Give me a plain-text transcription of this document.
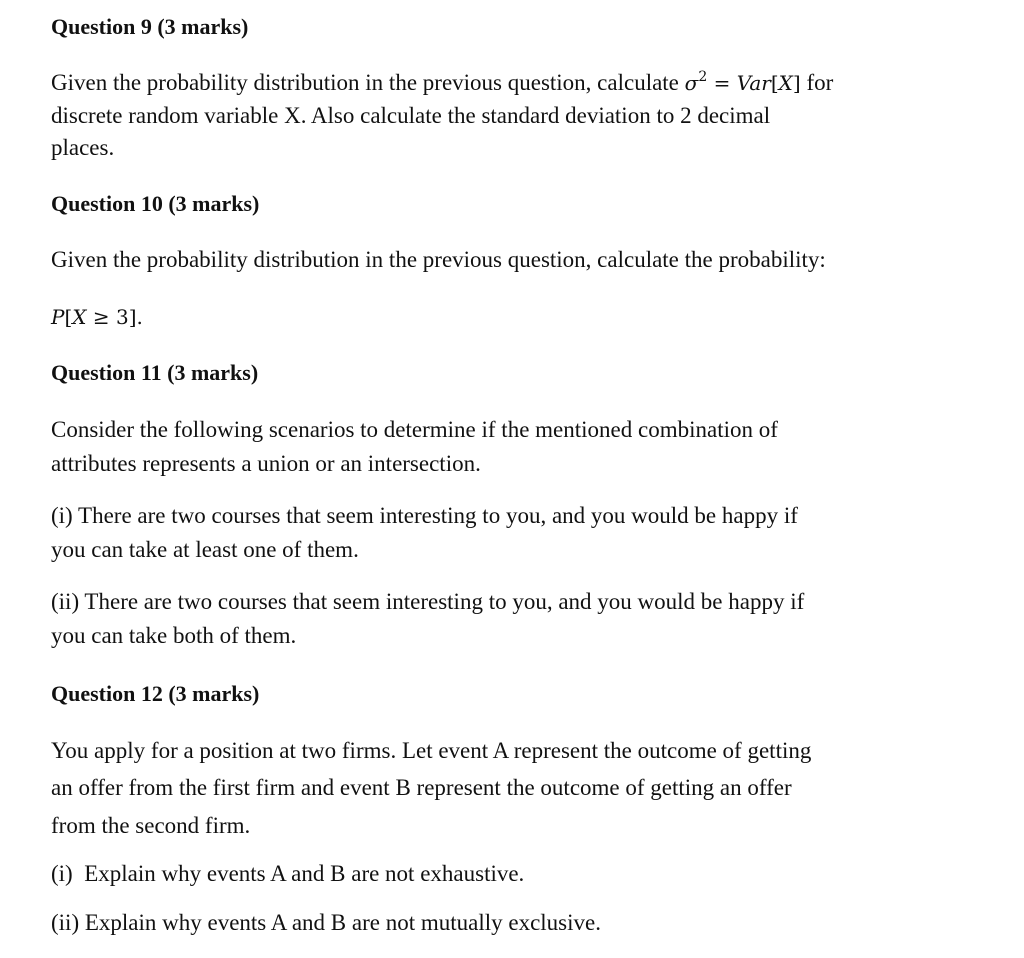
Question 9 (3 marks)
Given the probability distribution in the previous question, calculate $\sigma^2 = Var[X]$ for
discrete random variable X. Also calculate the standard deviation to 2 decimal
places.
Question 10 (3 marks)
Given the probability distribution in the previous question, calculate the probability:
P[X ≥ 3].
Question 11 (3 marks)
Consider the following scenarios to determine if the mentioned combination of
attributes represents a union or an intersection.
(i) There are two courses that seem interesting to you, and you would be happy if
you can take at least one of them.
(ii) There are two courses that seem interesting to you, and you would be happy if
you can take both of them.
Question 12 (3 marks)
You apply for a position at two firms. Let event A represent the outcome of getting
an offer from the first firm and event B represent the outcome of getting an offer
from the second firm.
(i)  Explain why events A and B are not exhaustive.
(ii) Explain why events A and B are not mutually exclusive.
